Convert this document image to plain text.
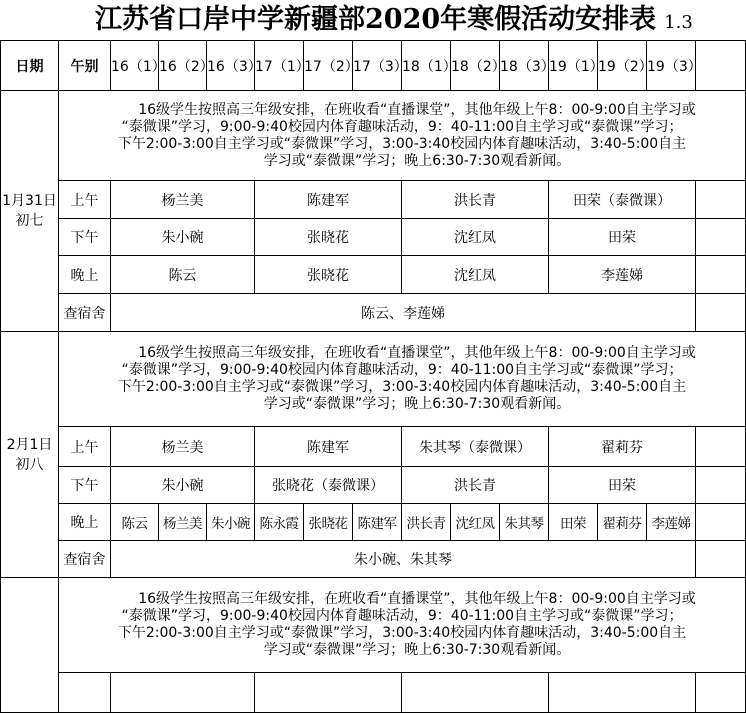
江苏省口岸中学新疆部2020年寒假活动安排表 1.3
日期	午别	16（1）	16（2）	16（3）	17（1）	17（2）	17（3）	18（1）	18（2）	18（3）	19（1）	19（2）	19（3）	
1月31日
初七	16级学生按照高三年级安排，在班收看“直播课堂”，其他年级上午8：00-9:00自主学习或
“泰微课”学习，9:00-9:40校园内体育趣味活动，9：40-11:00自主学习或“泰微课”学习；
下午2:00-3:00自主学习或“泰微课”学习，3:00-3:40校园内体育趣味活动，3:40-5:00自主

学习或“泰微课”学习；晚上6:30-7:30观看新闻。													

	上午	杨兰美			陈建军			洪长青			田荣（泰微课）			
	下午	朱小碗			张晓花			沈红凤			田荣			
	晚上	陈云			张晓花			沈红凤			李莲娣			
	查宿舍	陈云、李莲娣												
2月1日
初八	16级学生按照高三年级安排，在班收看“直播课堂”，其他年级上午8：00-9:00自主学习或
“泰微课”学习，9:00-9:40校园内体育趣味活动，9：40-11:00自主学习或“泰微课”学习；
下午2:00-3:00自主学习或“泰微课”学习，3:00-3:40校园内体育趣味活动，3:40-5:00自主

学习或“泰微课”学习；晚上6:30-7:30观看新闻。													

	上午	杨兰美			陈建军			朱其琴（泰微课）			翟莉芬			
	下午	朱小碗			张晓花（泰微课）			洪长青			田荣			
	晚上	陈云	杨兰美	朱小碗	陈永霞	张晓花	陈建军	洪长青	沈红凤	朱其琴	田荣	翟莉芬	李莲娣	
	查宿舍	朱小碗、朱其琴												

	16级学生按照高三年级安排，在班收看“直播课堂”，其他年级上午8：00-9:00自主学习或
“泰微课”学习，9:00-9:40校园内体育趣味活动，9：40-11:00自主学习或“泰微课”学习；
下午2:00-3:00自主学习或“泰微课”学习，3:00-3:40校园内体育趣味活动，3:40-5:00自主

学习或“泰微课”学习；晚上6:30-7:30观看新闻。													
